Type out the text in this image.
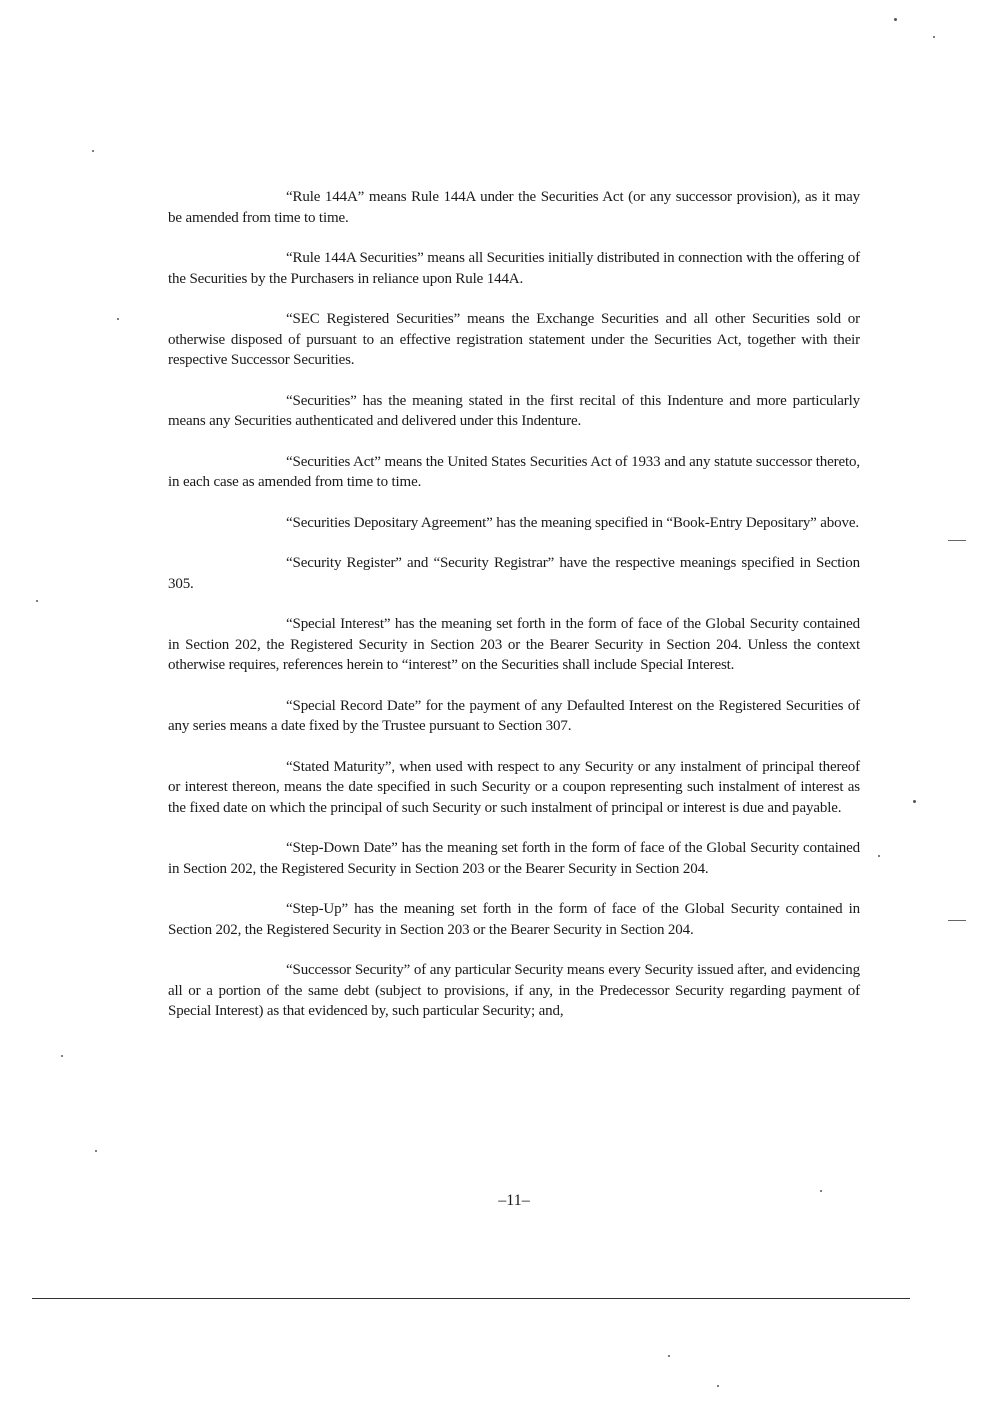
“Rule 144A” means Rule 144A under the Securities Act (or any successor provision), as it may be amended from time to time.

“Rule 144A Securities” means all Securities initially distributed in connection with the offering of the Securities by the Purchasers in reliance upon Rule 144A.

“SEC Registered Securities” means the Exchange Securities and all other Securities sold or otherwise disposed of pursuant to an effective registration statement under the Securities Act, together with their respective Successor Securities.

“Securities” has the meaning stated in the first recital of this Indenture and more particularly means any Securities authenticated and delivered under this Indenture.

“Securities Act” means the United States Securities Act of 1933 and any statute successor thereto, in each case as amended from time to time.

“Securities Depositary Agreement” has the meaning specified in “Book-Entry Depositary” above.

“Security Register” and “Security Registrar” have the respective meanings specified in Section 305.

“Special Interest” has the meaning set forth in the form of face of the Global Security contained in Section 202, the Registered Security in Section 203 or the Bearer Security in Section 204. Unless the context otherwise requires, references herein to “interest” on the Securities shall include Special Interest.

“Special Record Date” for the payment of any Defaulted Interest on the Registered Securities of any series means a date fixed by the Trustee pursuant to Section 307.

“Stated Maturity”, when used with respect to any Security or any instalment of principal thereof or interest thereon, means the date specified in such Security or a coupon representing such instalment of interest as the fixed date on which the principal of such Security or such instalment of principal or interest is due and payable.

“Step-Down Date” has the meaning set forth in the form of face of the Global Security contained in Section 202, the Registered Security in Section 203 or the Bearer Security in Section 204.

“Step-Up” has the meaning set forth in the form of face of the Global Security contained in Section 202, the Registered Security in Section 203 or the Bearer Security in Section 204.

“Successor Security” of any particular Security means every Security issued after, and evidencing all or a portion of the same debt (subject to provisions, if any, in the Predecessor Security regarding payment of Special Interest) as that evidenced by, such particular Security; and,

–11–
